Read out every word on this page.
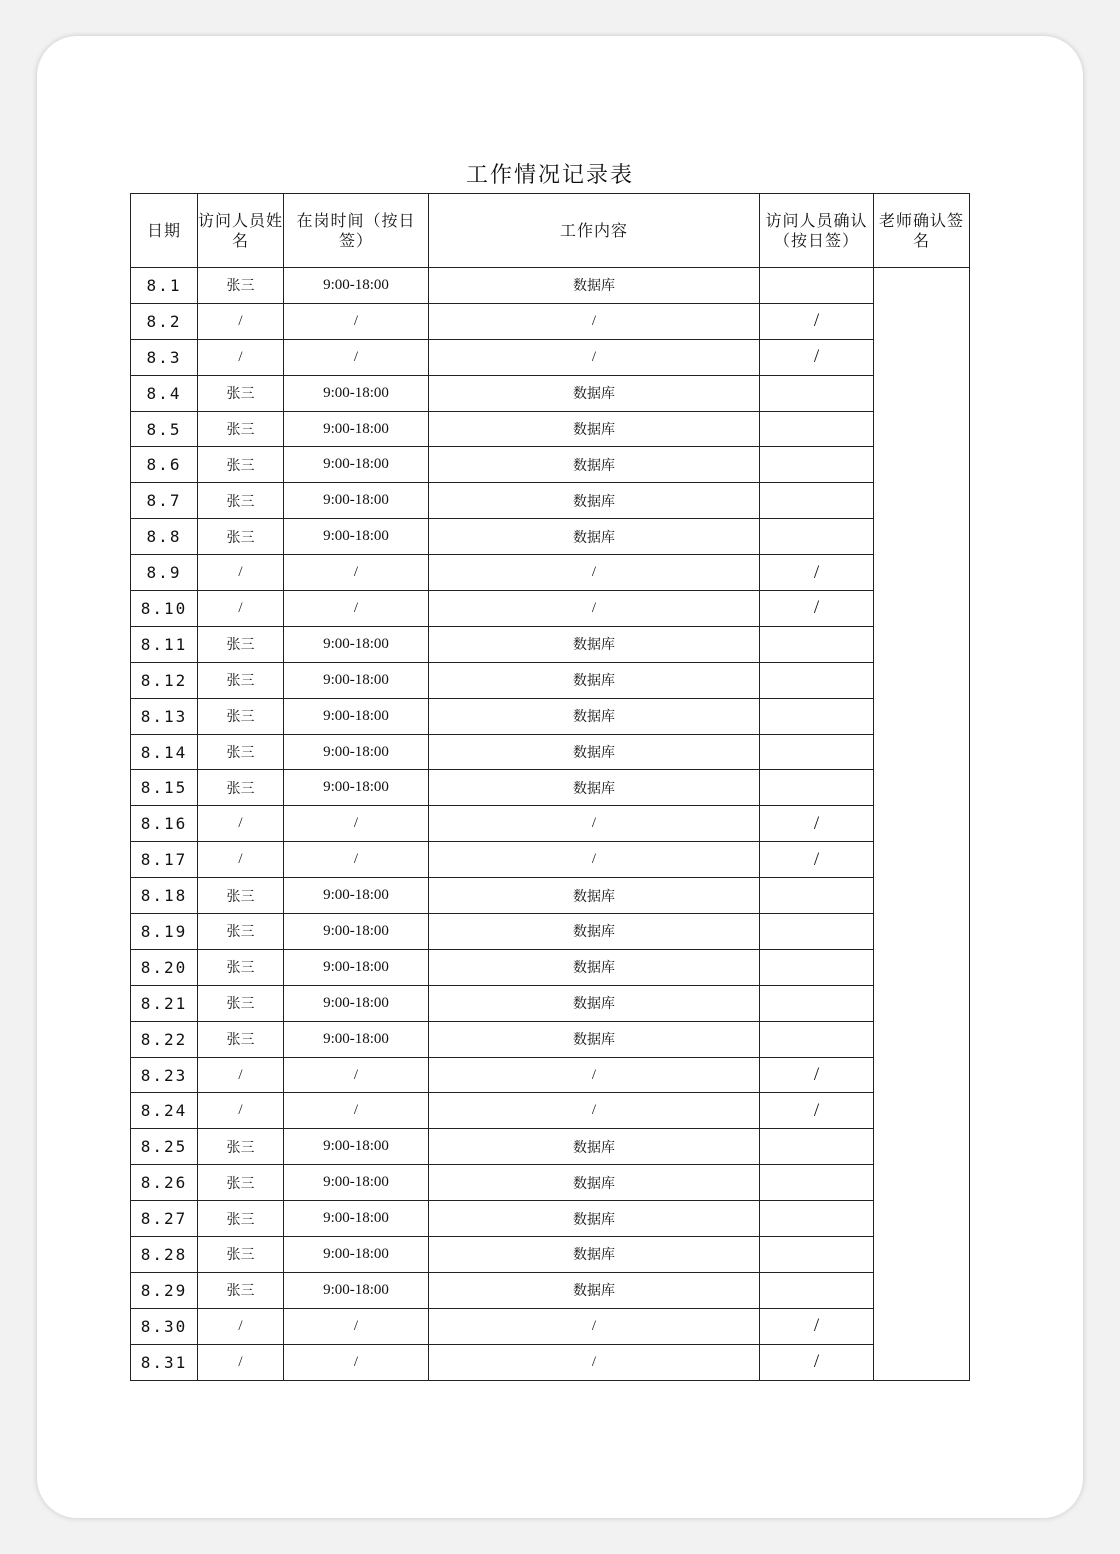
工作情况记录表
日期	访问人员姓名	在岗时间（按日签）	工作内容	访问人员确认（按日签）	老师确认签名
8.1	张三	9:00-18:00	数据库		
8.2	/	/	/	/	
8.3	/	/	/	/	
8.4	张三	9:00-18:00	数据库		
8.5	张三	9:00-18:00	数据库		
8.6	张三	9:00-18:00	数据库		
8.7	张三	9:00-18:00	数据库		
8.8	张三	9:00-18:00	数据库		
8.9	/	/	/	/	
8.10	/	/	/	/	
8.11	张三	9:00-18:00	数据库		
8.12	张三	9:00-18:00	数据库		
8.13	张三	9:00-18:00	数据库		
8.14	张三	9:00-18:00	数据库		
8.15	张三	9:00-18:00	数据库		
8.16	/	/	/	/	
8.17	/	/	/	/	
8.18	张三	9:00-18:00	数据库		
8.19	张三	9:00-18:00	数据库		
8.20	张三	9:00-18:00	数据库		
8.21	张三	9:00-18:00	数据库		
8.22	张三	9:00-18:00	数据库		
8.23	/	/	/	/	
8.24	/	/	/	/	
8.25	张三	9:00-18:00	数据库		
8.26	张三	9:00-18:00	数据库		
8.27	张三	9:00-18:00	数据库		
8.28	张三	9:00-18:00	数据库		
8.29	张三	9:00-18:00	数据库		
8.30	/	/	/	/	
8.31	/	/	/	/	
